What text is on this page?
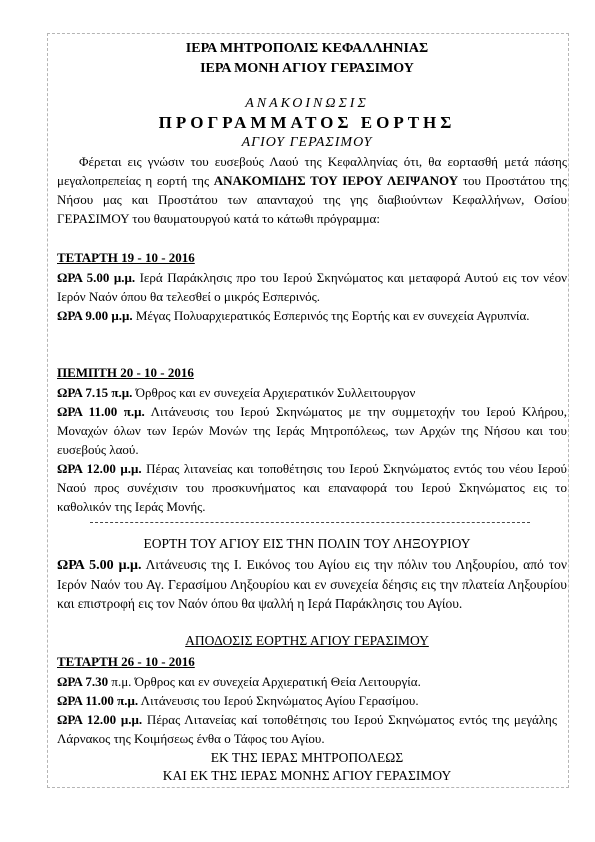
ΙΕΡΑ ΜΗΤΡΟΠΟΛΙΣ ΚΕΦΑΛΛΗΝΙΑΣ
ΙΕΡΑ ΜΟΝΗ ΑΓΙΟΥ ΓΕΡΑΣΙΜΟΥ
ΑΝΑΚΟΙΝΩΣΙΣ
ΠΡΟΓΡΑΜΜΑΤΟΣ ΕΟΡΤΗΣ
ΑΓΙΟΥ ΓΕΡΑΣΙΜΟΥ
Φέρεται εις γνώσιν του ευσεβούς Λαού της Κεφαλληνίας ότι, θα εορτασθή μετά πάσης μεγαλοπρεπείας η εορτή της ΑΝΑΚΟΜΙΔΗΣ ΤΟΥ ΙΕΡΟΥ ΛΕΙΨΑΝΟΥ του Προστάτου της Νήσου μας και Προστάτου των απανταχού της γης διαβιούντων Κεφαλλήνων, Οσίου ΓΕΡΑΣΙΜΟΥ του θαυματουργού κατά το κάτωθι πρόγραμμα:
ΤΕΤΑΡΤΗ 19 - 10 - 2016
ΩΡΑ 5.00 μ.μ. Ιερά Παράκλησις προ του Ιερού Σκηνώματος και μεταφορά Αυτού εις τον νέον Ιερόν Ναόν όπου θα τελεσθεί ο μικρός Εσπερινός.
ΩΡΑ 9.00 μ.μ. Μέγας Πολυαρχιερατικός Εσπερινός της Εορτής και εν συνεχεία Αγρυπνία.
ΠΕΜΠΤΗ 20 - 10 - 2016
ΩΡΑ 7.15 π.μ. Όρθρος και εν συνεχεία Αρχιερατικόν Συλλειτουργον
ΩΡΑ 11.00 π.μ. Λιτάνευσις του Ιερού Σκηνώματος με την συμμετοχήν του Ιερού Κλήρου, Μοναχών όλων των Ιερών Μονών της Ιεράς Μητροπόλεως, των Αρχών της Νήσου και του ευσεβούς λαού.
ΩΡΑ 12.00 μ.μ. Πέρας λιτανείας και τοποθέτησις του Ιερού Σκηνώματος εντός του νέου Ιερού Ναού προς συνέχισιν του προσκυνήματος και επαναφορά του Ιερού Σκηνώματος εις το καθολικόν της Ιεράς Μονής.
ΕΟΡΤΗ ΤΟΥ ΑΓΙΟΥ ΕΙΣ ΤΗΝ ΠΟΛΙΝ ΤΟΥ ΛΗΞΟΥΡΙΟΥ
ΩΡΑ 5.00 μ.μ. Λιτάνευσις της Ι. Εικόνος του Αγίου εις την πόλιν του Ληξουρίου, από τον Ιερόν Ναόν του Αγ. Γερασίμου Ληξουρίου και εν συνεχεία δέησις εις την πλατεία Ληξουρίου και επιστροφή εις τον Ναόν όπου θα ψαλλή η Ιερά Παράκλησις του Αγίου.
ΑΠΟΔΟΣΙΣ ΕΟΡΤΗΣ ΑΓΙΟΥ ΓΕΡΑΣΙΜΟΥ
ΤΕΤΑΡΤΗ 26 - 10 - 2016
ΩΡΑ 7.30 π.μ. Όρθρος και εν συνεχεία Αρχιερατική Θεία Λειτουργία.
ΩΡΑ 11.00 π.μ. Λιτάνευσις του Ιερού Σκηνώματος Αγίου Γερασίμου.
ΩΡΑ 12.00 μ.μ. Πέρας Λιτανείας καί τοποθέτησις του Ιερού Σκηνώματος εντός της μεγάλης Λάρνακος της Κοιμήσεως ένθα ο Τάφος του Αγίου.
ΕΚ ΤΗΣ ΙΕΡΑΣ ΜΗΤΡΟΠΟΛΕΩΣ
ΚΑΙ ΕΚ ΤΗΣ ΙΕΡΑΣ ΜΟΝΗΣ ΑΓΙΟΥ ΓΕΡΑΣΙΜΟΥ
